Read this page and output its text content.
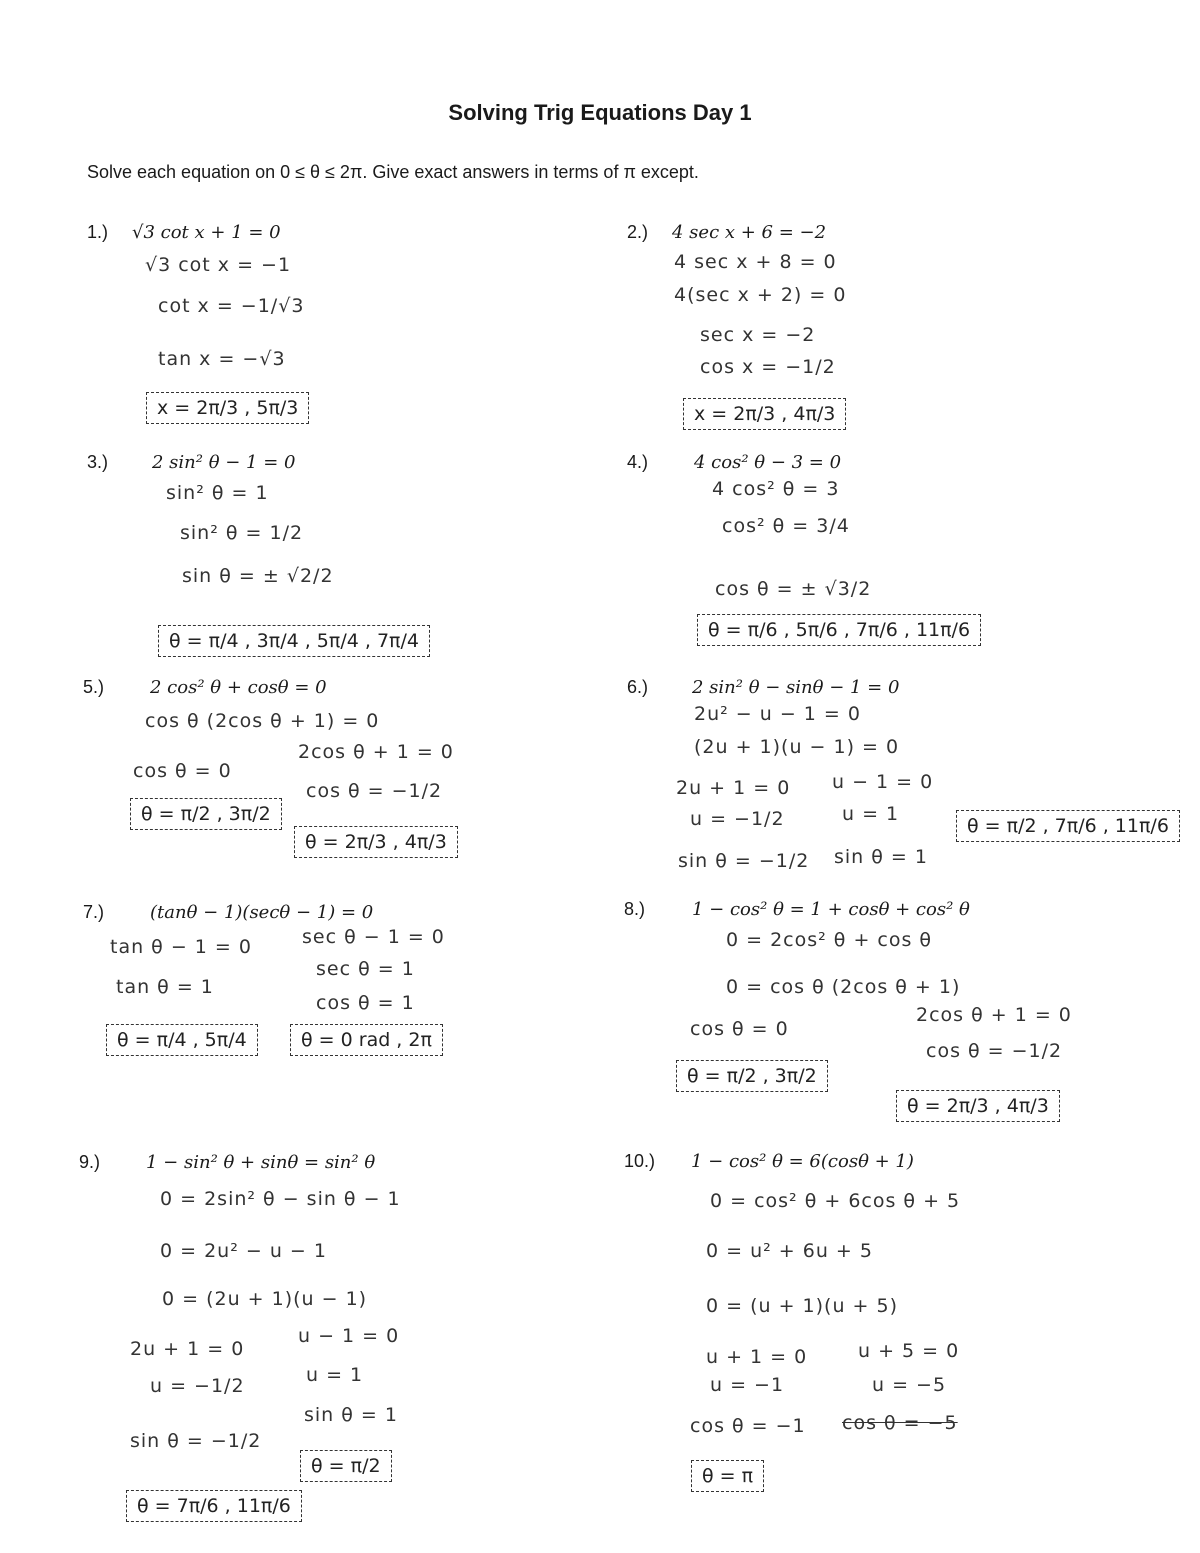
Solving Trig Equations Day 1
Solve each equation on 0 ≤ θ ≤ 2π. Give exact answers in terms of π except.
1.) √3 cot x + 1 = 0
√3 cot x = −1
cot x = −1/√3
tan x = −√3
x = 2π/3 , 5π/3
2.) 4 sec x + 6 = −2
4 sec x + 8 = 0
4(sec x + 2) = 0
sec x = −2
cos x = −1/2
x = 2π/3 , 4π/3
3.) 2 sin² θ − 1 = 0
sin² θ = 1
sin² θ = 1/2
sin θ = ± √2/2
θ = π/4 , 3π/4 , 5π/4 , 7π/4
4.)	4 cos² θ − 3 = 0
4 cos² θ = 3
cos² θ = 3/4
cos θ = ± √3/2
θ = π/6 , 5π/6 , 7π/6 , 11π/6
5.)	2 cos² θ + cosθ = 0
cos θ (2cos θ + 1) = 0
cos θ = 0
2cos θ + 1 = 0
cos θ = −1/2
θ = π/2 , 3π/2
θ = 2π/3 , 4π/3
6.) 2 sin² θ − sinθ − 1 = 0
2u² − u − 1 = 0
(2u + 1)(u − 1) = 0
2u + 1 = 0 u − 1 = 0
u = −1/2	u = 1
sin θ = −1/2 sin θ = 1
θ = π/2 , 7π/6 , 11π/6
7.)	(tanθ − 1)(secθ − 1) = 0
tan θ − 1 = 0
tan θ = 1
sec θ − 1 = 0
sec θ = 1
cos θ = 1
θ = π/4 , 5π/4	θ = 0 rad , 2π
8.)	1 − cos² θ = 1 + cosθ + cos² θ
0 = 2cos² θ + cos θ
0 = cos θ (2cos θ + 1)
cos θ = 0
2cos θ + 1 = 0
cos θ = −1/2
θ = π/2 , 3π/2
θ = 2π/3 , 4π/3
9.)	1 − sin² θ + sinθ = sin² θ
0 = 2sin² θ − sin θ − 1
0 = 2u² − u − 1
0 = (2u + 1)(u − 1)
2u + 1 = 0
u − 1 = 0
u = −1/2	u = 1
sin θ = 1
sin θ = −1/2
θ = π/2
θ = 7π/6 , 11π/6
10.) 1 − cos² θ = 6(cosθ + 1)
0 = cos² θ + 6cos θ + 5
0 = u² + 6u + 5
0 = (u + 1)(u + 5)
u + 1 = 0	u + 5 = 0
u = −1	u = −5
cos θ = −1 cos θ = −5
θ = π
